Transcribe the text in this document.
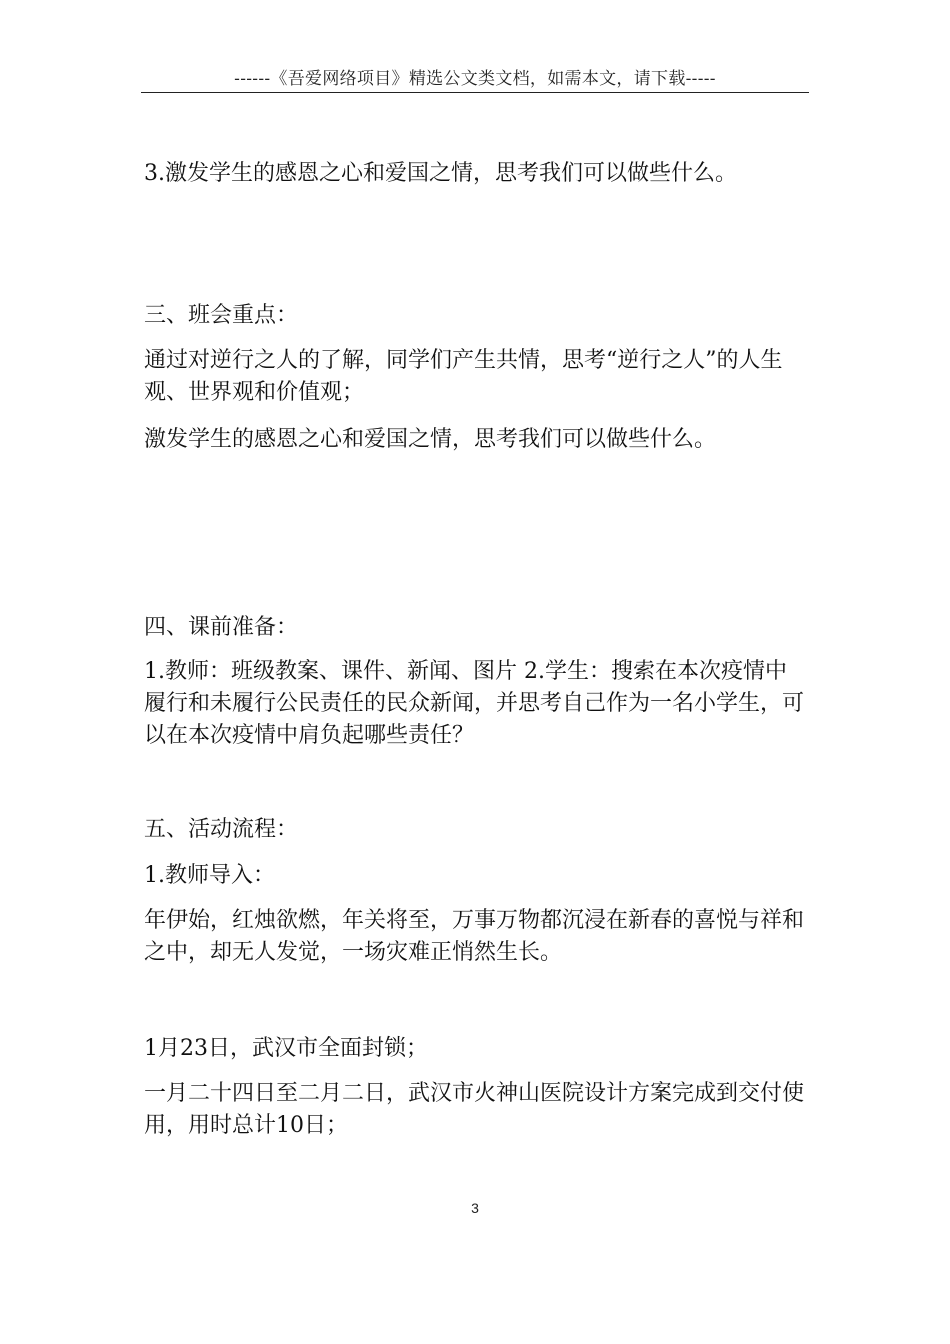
------《吾爱网络项目》精选公文类文档，如需本文，请下载-----

3.激发学生的感恩之心和爱国之情，思考我们可以做些什么。

三、班会重点：

通过对逆行之人的了解，同学们产生共情，思考“逆行之人”的人生观、世界观和价值观；

激发学生的感恩之心和爱国之情，思考我们可以做些什么。

四、课前准备：

1.教师：班级教案、课件、新闻、图片 2.学生：搜索在本次疫情中履行和未履行公民责任的民众新闻，并思考自己作为一名小学生，可以在本次疫情中肩负起哪些责任？

五、活动流程：

1.教师导入：

年伊始，红烛欲燃，年关将至，万事万物都沉浸在新春的喜悦与祥和之中，却无人发觉，一场灾难正悄然生长。

1月23日，武汉市全面封锁；

一月二十四日至二月二日，武汉市火神山医院设计方案完成到交付使用，用时总计10日；

3
